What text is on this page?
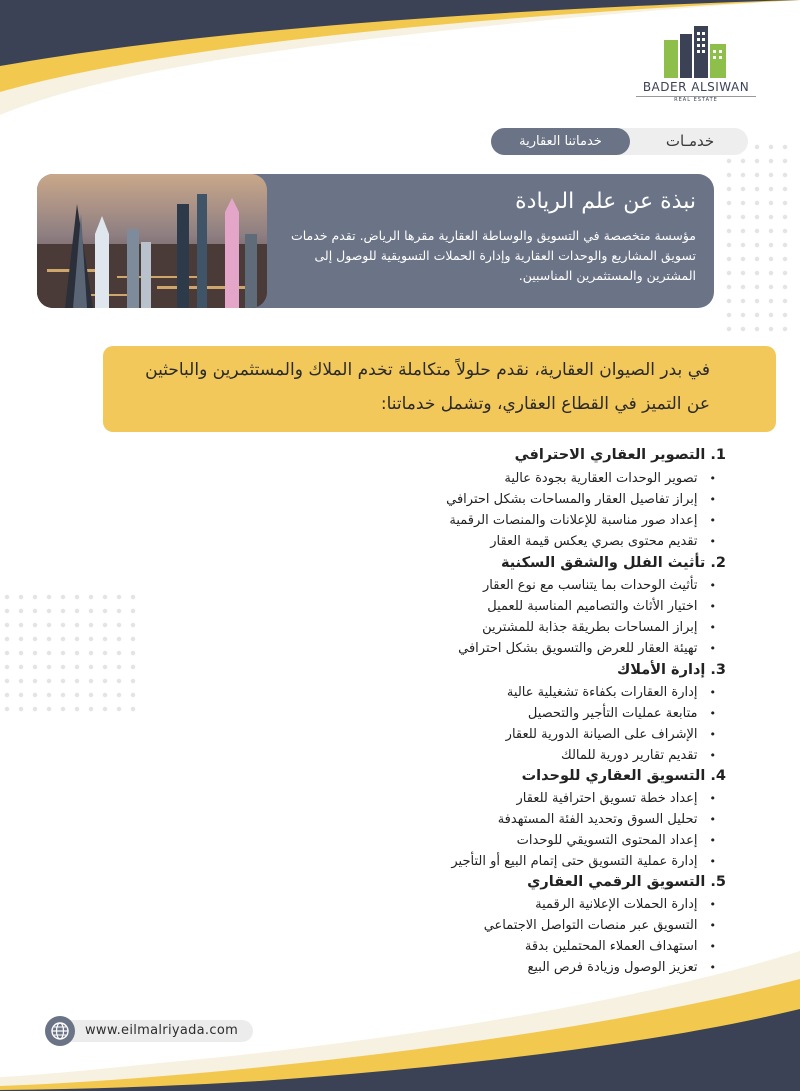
BADER ALSIWAN
REAL ESTATE
خدماتنا العقارية	خدمـات
نبذة عن علم الريادة
مؤسسة متخصصة في التسويق والوساطة العقارية مقرها الرياض. تقدم خدمات تسويق المشاريع والوحدات العقارية وإدارة الحملات التسويقية للوصول إلى المشترين والمستثمرين المناسبين.
في بدر الصيوان العقارية، نقدم حلولاً متكاملة تخدم الملاك والمستثمرين والباحثين عن التميز في القطاع العقاري، وتشمل خدماتنا:
1. التصوير العقاري الاحترافي
•تصوير الوحدات العقارية بجودة عالية
•إبراز تفاصيل العقار والمساحات بشكل احترافي
•إعداد صور مناسبة للإعلانات والمنصات الرقمية
•تقديم محتوى بصري يعكس قيمة العقار
2. تأثيث الفلل والشقق السكنية
•تأثيث الوحدات بما يتناسب مع نوع العقار
•اختيار الأثاث والتصاميم المناسبة للعميل
•إبراز المساحات بطريقة جذابة للمشترين
•تهيئة العقار للعرض والتسويق بشكل احترافي
3. إدارة الأملاك
•إدارة العقارات بكفاءة تشغيلية عالية
•متابعة عمليات التأجير والتحصيل
•الإشراف على الصيانة الدورية للعقار
•تقديم تقارير دورية للمالك
4. التسويق العقاري للوحدات
•إعداد خطة تسويق احترافية للعقار
•تحليل السوق وتحديد الفئة المستهدفة
•إعداد المحتوى التسويقي للوحدات
•إدارة عملية التسويق حتى إتمام البيع أو التأجير
5. التسويق الرقمي العقاري
•إدارة الحملات الإعلانية الرقمية
•التسويق عبر منصات التواصل الاجتماعي
•استهداف العملاء المحتملين بدقة
•تعزيز الوصول وزيادة فرص البيع
www.eilmalriyada.com
